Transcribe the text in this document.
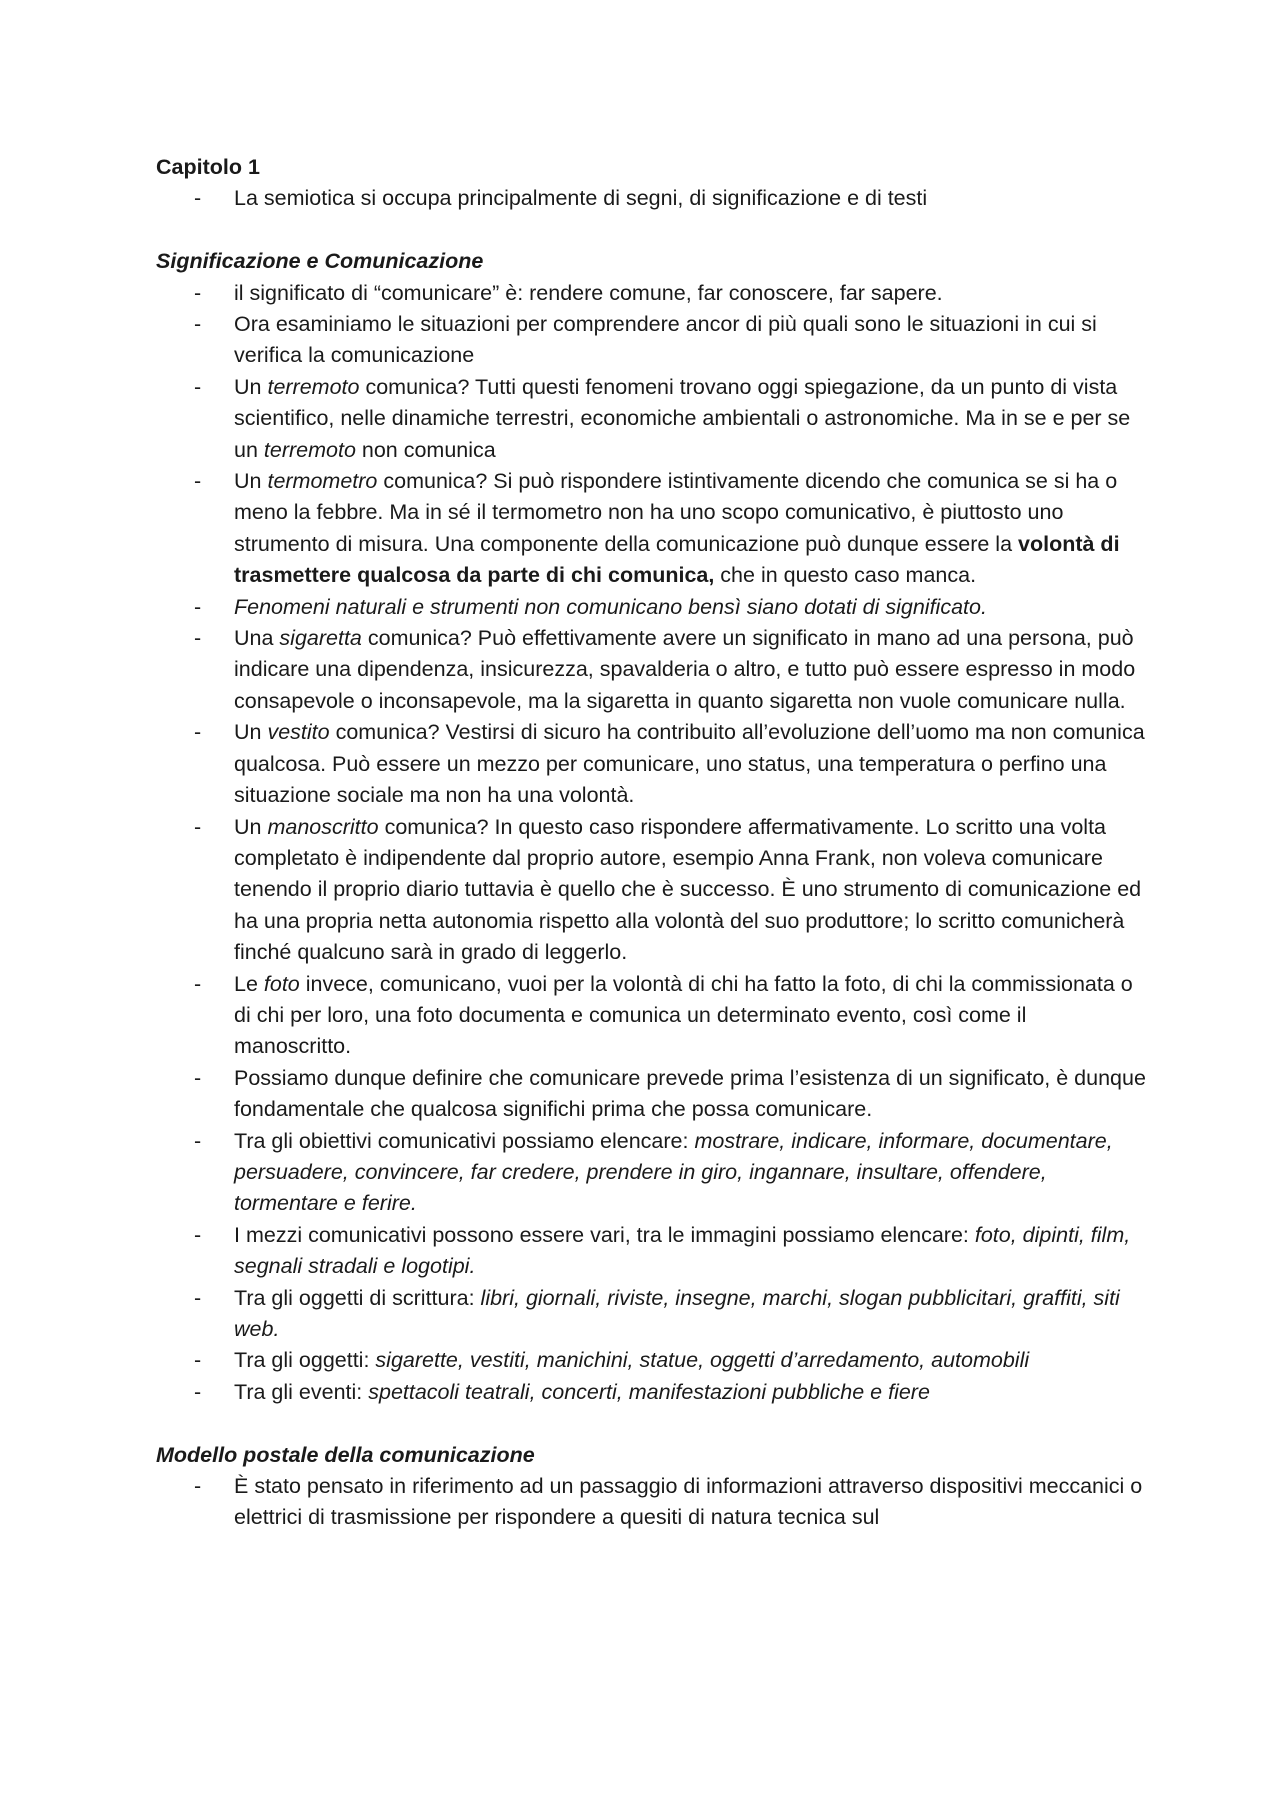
Capitolo 1

- La semiotica si occupa principalmente di segni, di significazione e di testi

Significazione e Comunicazione

- il significato di “comunicare” è: rendere comune, far conoscere, far sapere.
- Ora esaminiamo le situazioni per comprendere ancor di più quali sono le situazioni in cui si verifica la comunicazione
- Un terremoto comunica? Tutti questi fenomeni trovano oggi spiegazione, da un punto di vista scientifico, nelle dinamiche terrestri, economiche ambientali o astronomiche. Ma in se e per se un terremoto non comunica
- Un termometro comunica? Si può rispondere istintivamente dicendo che comunica se si ha o meno la febbre. Ma in sé il termometro non ha uno scopo comunicativo, è piuttosto uno strumento di misura. Una componente della comunicazione può dunque essere la volontà di trasmettere qualcosa da parte di chi comunica, che in questo caso manca.
- Fenomeni naturali e strumenti non comunicano bensì siano dotati di significato.
- Una sigaretta comunica? Può effettivamente avere un significato in mano ad una persona, può indicare una dipendenza, insicurezza, spavalderia o altro, e tutto può essere espresso in modo consapevole o inconsapevole, ma la sigaretta in quanto sigaretta non vuole comunicare nulla.
- Un vestito comunica? Vestirsi di sicuro ha contribuito all’evoluzione dell’uomo ma non comunica qualcosa. Può essere un mezzo per comunicare, uno status, una temperatura o perfino una situazione sociale ma non ha una volontà.
- Un manoscritto comunica? In questo caso rispondere affermativamente. Lo scritto una volta completato è indipendente dal proprio autore, esempio Anna Frank, non voleva comunicare tenendo il proprio diario tuttavia è quello che è successo. È uno strumento di comunicazione ed ha una propria netta autonomia rispetto alla volontà del suo produttore; lo scritto comunicherà finché qualcuno sarà in grado di leggerlo.
- Le foto invece, comunicano, vuoi per la volontà di chi ha fatto la foto, di chi la commissionata o di chi per loro, una foto documenta e comunica un determinato evento, così come il manoscritto.
- Possiamo dunque definire che comunicare prevede prima l’esistenza di un significato, è dunque fondamentale che qualcosa significhi prima che possa comunicare.
- Tra gli obiettivi comunicativi possiamo elencare: mostrare, indicare, informare, documentare, persuadere, convincere, far credere, prendere in giro, ingannare, insultare, offendere, tormentare e ferire.
- I mezzi comunicativi possono essere vari, tra le immagini possiamo elencare: foto, dipinti, film, segnali stradali e logotipi.
- Tra gli oggetti di scrittura: libri, giornali, riviste, insegne, marchi, slogan pubblicitari, graffiti, siti web.
- Tra gli oggetti: sigarette, vestiti, manichini, statue, oggetti d’arredamento, automobili
- Tra gli eventi: spettacoli teatrali, concerti, manifestazioni pubbliche e fiere

Modello postale della comunicazione

- È stato pensato in riferimento ad un passaggio di informazioni attraverso dispositivi meccanici o elettrici di trasmissione per rispondere a quesiti di natura tecnica sul
